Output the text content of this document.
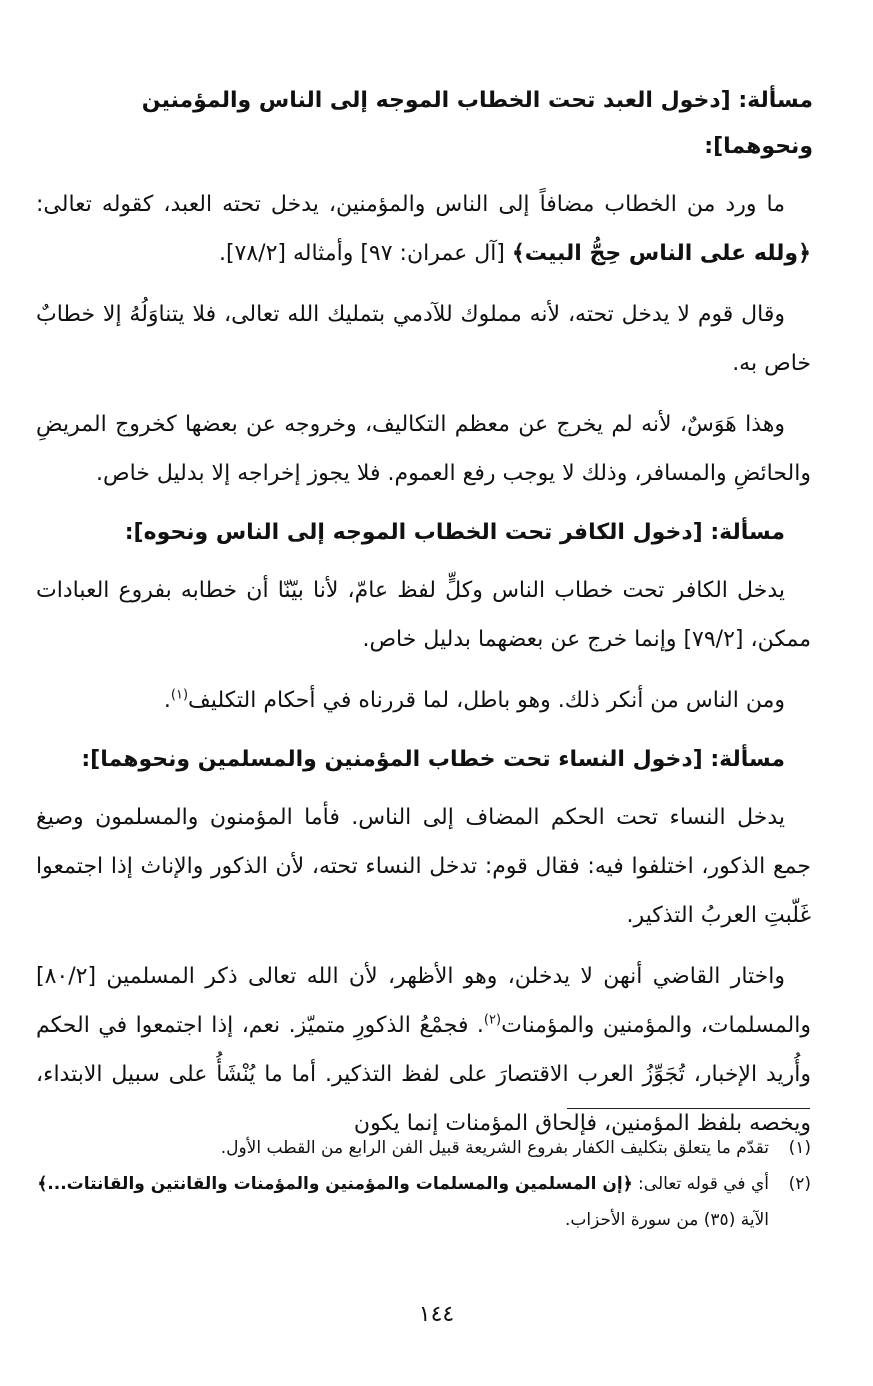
مسألة: [دخول العبد تحت الخطاب الموجه إلى الناس والمؤمنين ونحوهما]:

ما ورد من الخطاب مضافاً إلى الناس والمؤمنين، يدخل تحته العبد، كقوله تعالى: ﴿ولله على الناس حِجُّ البيت﴾ [آل عمران: ٩٧] وأمثاله [٧٨/٢].

وقال قوم لا يدخل تحته، لأنه مملوك للآدمي بتمليك الله تعالى، فلا يتناوَلُهُ إلا خطابٌ خاص به.

وهذا هَوَسٌ، لأنه لم يخرج عن معظم التكاليف، وخروجه عن بعضها كخروج المريضِ والحائضِ والمسافر، وذلك لا يوجب رفع العموم. فلا يجوز إخراجه إلا بدليل خاص.

مسألة: [دخول الكافر تحت الخطاب الموجه إلى الناس ونحوه]:

يدخل الكافر تحت خطاب الناس وكلٍّ لفظ عامّ، لأنا بيّنّا أن خطابه بفروع العبادات ممكن، [٧٩/٢] وإنما خرج عن بعضهما بدليل خاص.

ومن الناس من أنكر ذلك. وهو باطل، لما قررناه في أحكام التكليف$^{(١)}$.

مسألة: [دخول النساء تحت خطاب المؤمنين والمسلمين ونحوهما]:

يدخل النساء تحت الحكم المضاف إلى الناس. فأما المؤمنون والمسلمون وصيغ جمع الذكور، اختلفوا فيه: فقال قوم: تدخل النساء تحته، لأن الذكور والإناث إذا اجتمعوا غَلّبتِ العربُ التذكير.

واختار القاضي أنهن لا يدخلن، وهو الأظهر، لأن الله تعالى ذكر المسلمين [٨٠/٢] والمسلمات، والمؤمنين والمؤمنات$^{(٢)}$. فجمْعُ الذكورِ متميّز. نعم، إذا اجتمعوا في الحكم وأُريد الإخبار، تُجَوِّزُ العرب الاقتصارَ على لفظ التذكير. أما ما يُنْشَأُ على سبيل الابتداء، ويخصه بلفظ المؤمنين، فإلحاق المؤمنات إنما يكون

(١)
تقدّم ما يتعلق بتكليف الكفار بفروع الشريعة قبيل الفن الرابع من القطب الأول.
(٢)
أي في قوله تعالى: ﴿إن المسلمين والمسلمات والمؤمنين والمؤمنات والقانتين والقانتات...﴾ الآية (٣٥) من سورة الأحزاب.
١٤٤
